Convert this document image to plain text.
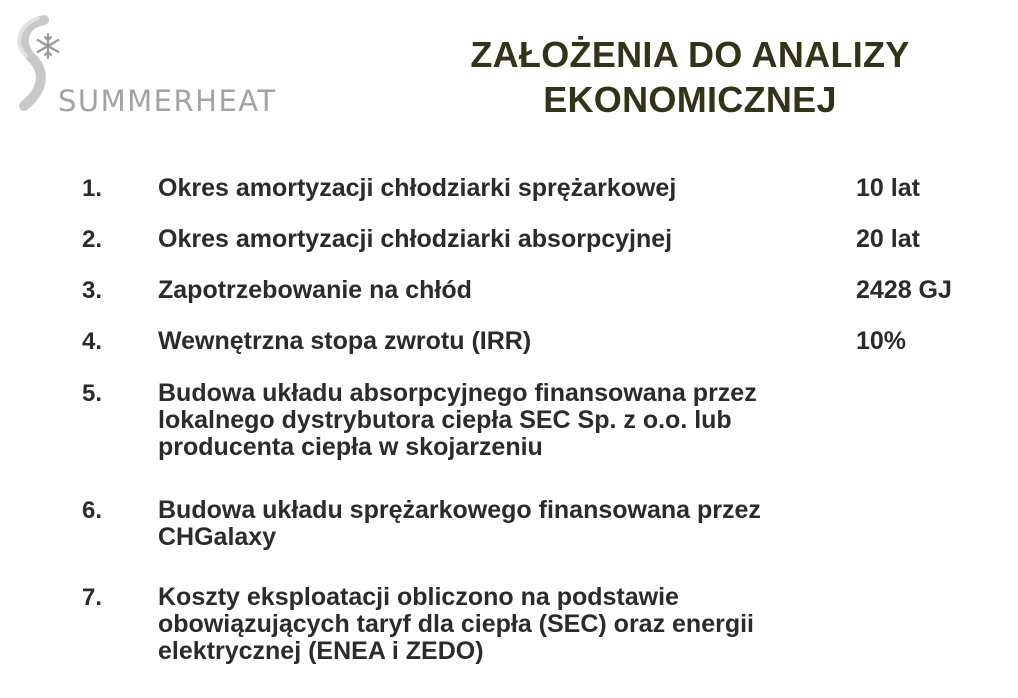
SUMMERHEAT
ZAŁOŻENIA DO ANALIZY
EKONOMICZNEJ
1. Okres amortyzacji chłodziarki sprężarkowej	10 lat
2. Okres amortyzacji chłodziarki absorpcyjnej	20 lat
3. Zapotrzebowanie na chłód	2428 GJ
4. Wewnętrzna stopa zwrotu (IRR)	10%
5. Budowa układu absorpcyjnego finansowana przez
lokalnego dystrybutora ciepła SEC Sp. z o.o. lub
producenta ciepła w skojarzeniu
6. Budowa układu sprężarkowego finansowana przez
CHGalaxy
7. Koszty eksploatacji obliczono na podstawie
obowiązujących taryf dla ciepła (SEC) oraz energii
elektrycznej (ENEA i ZEDO)
